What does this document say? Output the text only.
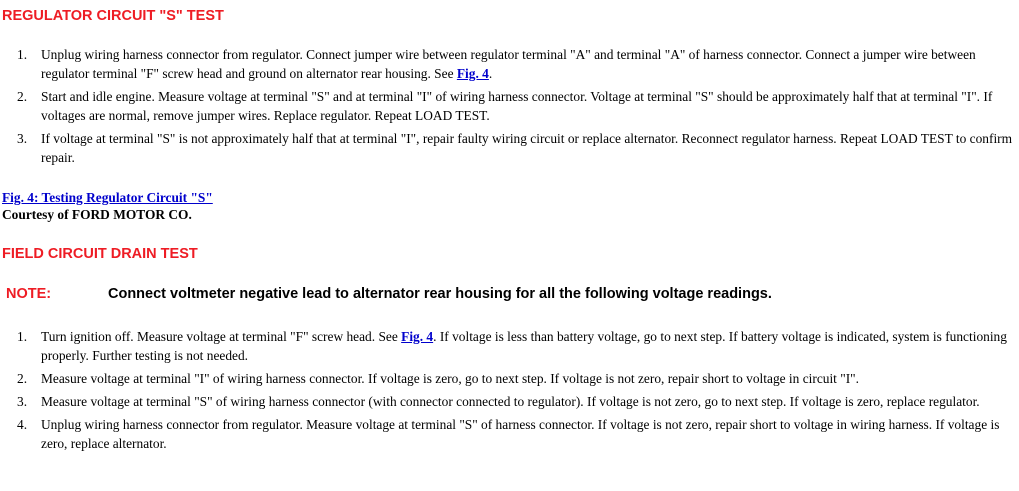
REGULATOR CIRCUIT "S" TEST
1. Unplug wiring harness connector from regulator. Connect jumper wire between regulator terminal "A" and terminal "A" of harness connector. Connect a jumper wire between regulator terminal "F" screw head and ground on alternator rear housing. See Fig. 4.
2. Start and idle engine. Measure voltage at terminal "S" and at terminal "I" of wiring harness connector. Voltage at terminal "S" should be approximately half that at terminal "I". If voltages are normal, remove jumper wires. Replace regulator. Repeat LOAD TEST.
3. If voltage at terminal "S" is not approximately half that at terminal "I", repair faulty wiring circuit or replace alternator. Reconnect regulator harness. Repeat LOAD TEST to confirm repair.
Fig. 4: Testing Regulator Circuit "S"
Courtesy of FORD MOTOR CO.
FIELD CIRCUIT DRAIN TEST
NOTE:	Connect voltmeter negative lead to alternator rear housing for all the following voltage readings.
1. Turn ignition off. Measure voltage at terminal "F" screw head. See Fig. 4. If voltage is less than battery voltage, go to next step. If battery voltage is indicated, system is functioning properly. Further testing is not needed.
2. Measure voltage at terminal "I" of wiring harness connector. If voltage is zero, go to next step. If voltage is not zero, repair short to voltage in circuit "I".
3. Measure voltage at terminal "S" of wiring harness connector (with connector connected to regulator). If voltage is not zero, go to next step. If voltage is zero, replace regulator.
4. Unplug wiring harness connector from regulator. Measure voltage at terminal "S" of harness connector. If voltage is not zero, repair short to voltage in wiring harness. If voltage is zero, replace alternator.
